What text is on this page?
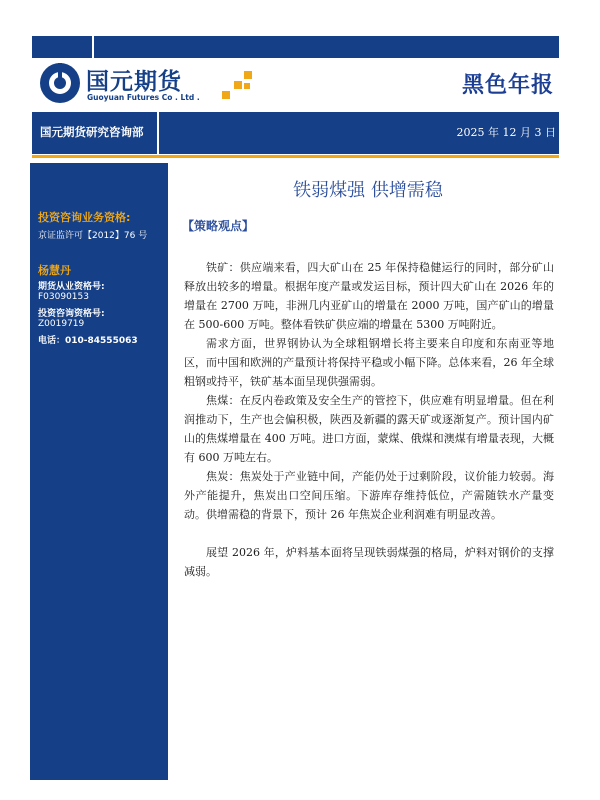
国元期货
Guoyuan Futures Co . Ltd .	黑色年报
国元期货研究咨询部	2025 年 12 月 3 日
投资咨询业务资格:
京证监许可【2012】76 号
杨慧丹
期货从业资格号:
F03090153
投资咨询资格号:
Z0019719
电话：010-84555063
铁弱煤强 供增需稳
【策略观点】

铁矿：供应端来看，四大矿山在 25 年保持稳健运行的同时，部分矿山释放出较多的增量。根据年度产量或发运目标，预计四大矿山在 2026 年的增量在 2700 万吨，非洲几内亚矿山的增量在 2000 万吨，国产矿山的增量在 500-600 万吨。整体看铁矿供应端的增量在 5300 万吨附近。

需求方面，世界钢协认为全球粗钢增长将主要来自印度和东南亚等地区，而中国和欧洲的产量预计将保持平稳或小幅下降。总体来看，26 年全球粗钢或持平，铁矿基本面呈现供强需弱。

焦煤：在反内卷政策及安全生产的管控下，供应难有明显增量。但在利润推动下，生产也会偏积极，陕西及新疆的露天矿或逐渐复产。预计国内矿山的焦煤增量在 400 万吨。进口方面，蒙煤、俄煤和澳煤有增量表现，大概有 600 万吨左右。

焦炭：焦炭处于产业链中间，产能仍处于过剩阶段，议价能力较弱。海外产能提升，焦炭出口空间压缩。下游库存维持低位，产需随铁水产量变动。供增需稳的背景下，预计 26 年焦炭企业利润难有明显改善。

展望 2026 年，炉料基本面将呈现铁弱煤强的格局，炉料对钢价的支撑减弱。
